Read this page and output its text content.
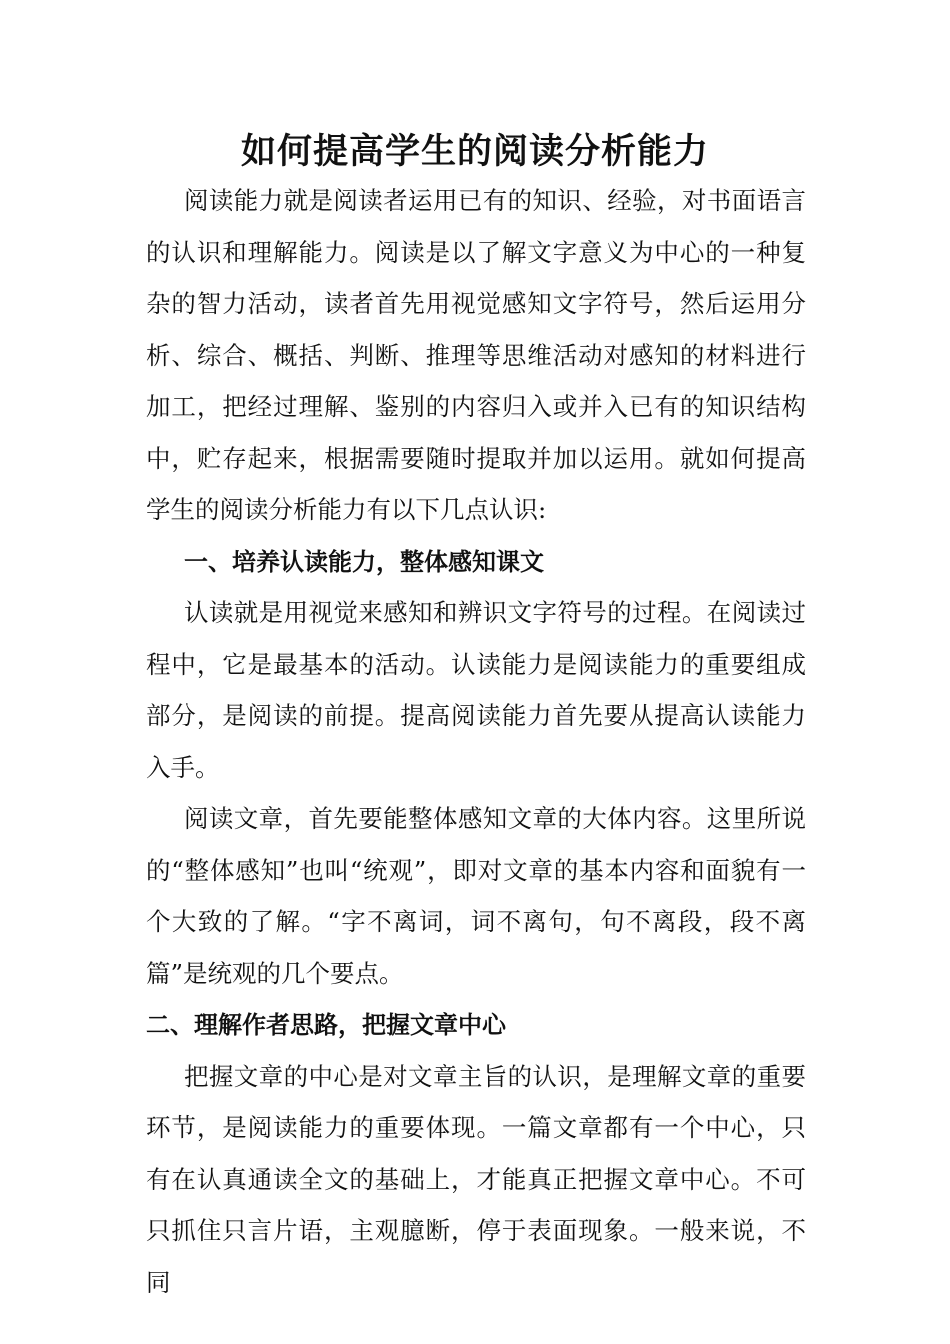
如何提高学生的阅读分析能力

阅读能力就是阅读者运用已有的知识、经验，对书面语言的认识和理解能力。阅读是以了解文字意义为中心的一种复杂的智力活动，读者首先用视觉感知文字符号，然后运用分析、综合、概括、判断、推理等思维活动对感知的材料进行加工，把经过理解、鉴别的内容归入或并入已有的知识结构中，贮存起来，根据需要随时提取并加以运用。就如何提高学生的阅读分析能力有以下几点认识:

一、培养认读能力，整体感知课文

认读就是用视觉来感知和辨识文字符号的过程。在阅读过程中，它是最基本的活动。认读能力是阅读能力的重要组成部分，是阅读的前提。提高阅读能力首先要从提高认读能力入手。

阅读文章，首先要能整体感知文章的大体内容。这里所说的“整体感知”也叫“统观”，即对文章的基本内容和面貌有一个大致的了解。“字不离词，词不离句，句不离段，段不离篇”是统观的几个要点。

二、理解作者思路，把握文章中心

把握文章的中心是对文章主旨的认识，是理解文章的重要环节，是阅读能力的重要体现。一篇文章都有一个中心，只有在认真通读全文的基础上，才能真正把握文章中心。不可只抓住只言片语，主观臆断，停于表面现象。一般来说，不同
